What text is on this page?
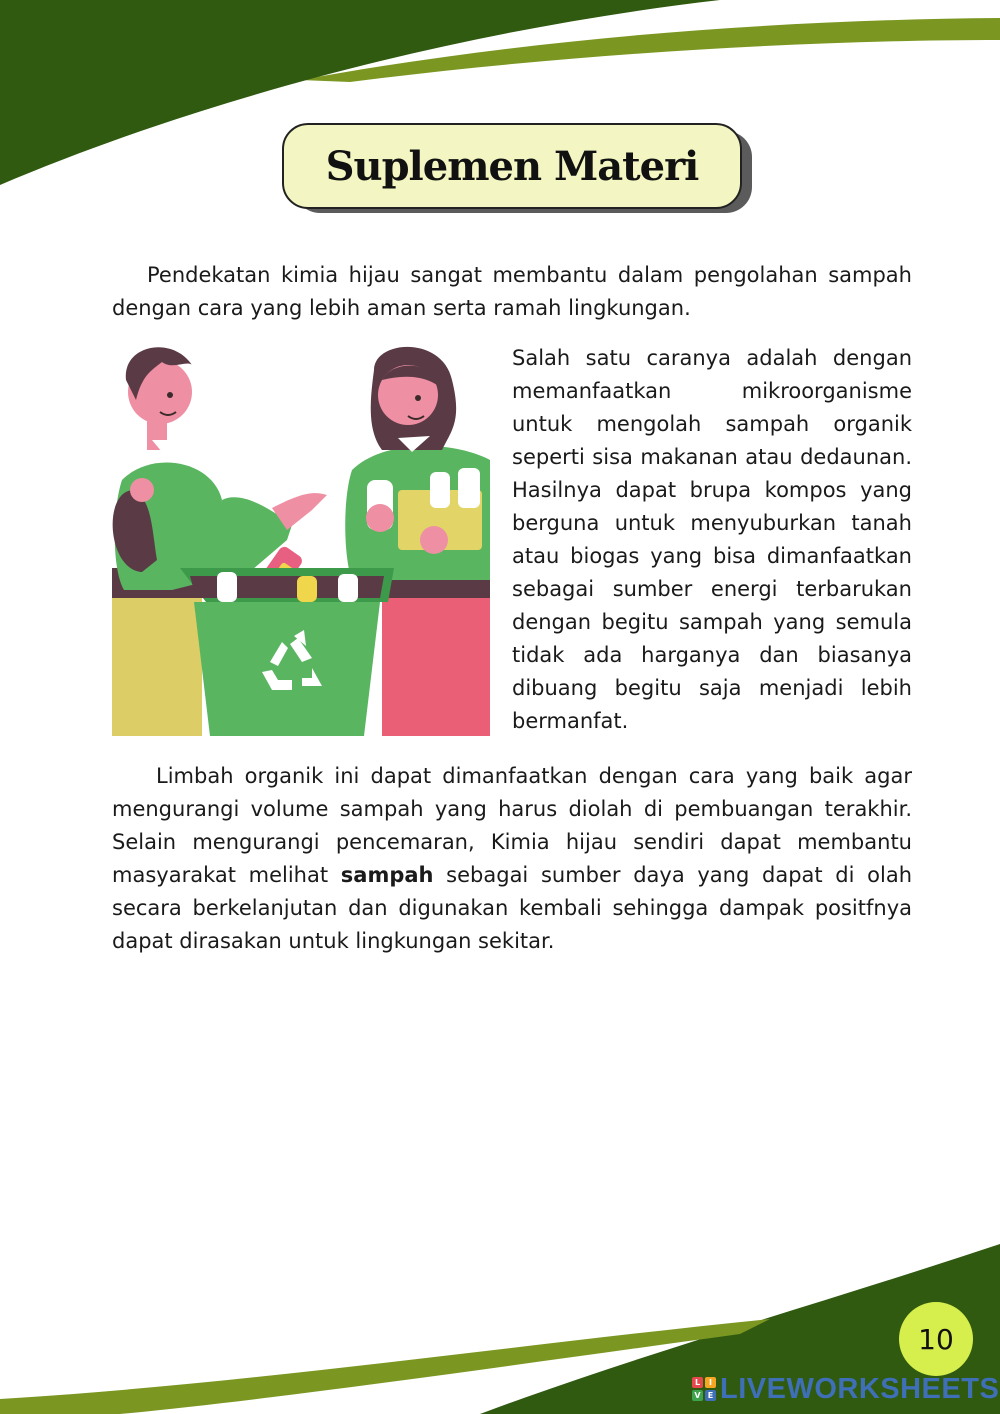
Suplemen Materi

Pendekatan kimia hijau sangat membantu dalam pengolahan sampah dengan cara yang lebih aman serta ramah lingkungan.

Salah satu caranya adalah dengan memanfaatkan mikroorganisme untuk mengolah sampah organik seperti sisa makanan atau dedaunan. Hasilnya dapat brupa kompos yang berguna untuk menyuburkan tanah atau biogas yang bisa dimanfaatkan sebagai sumber energi terbarukan dengan begitu sampah yang semula tidak ada harganya dan biasanya dibuang begitu saja menjadi lebih bermanfat.

Limbah organik ini dapat dimanfaatkan dengan cara yang baik agar mengurangi volume sampah yang harus diolah di pembuangan terakhir. Selain mengurangi pencemaran, Kimia hijau sendiri dapat membantu masyarakat melihat sampah sebagai sumber daya yang dapat di olah secara berkelanjutan dan digunakan kembali sehingga dampak positfnya dapat dirasakan untuk lingkungan sekitar.

10
L	I
V E LIVEWORKSHEETS
